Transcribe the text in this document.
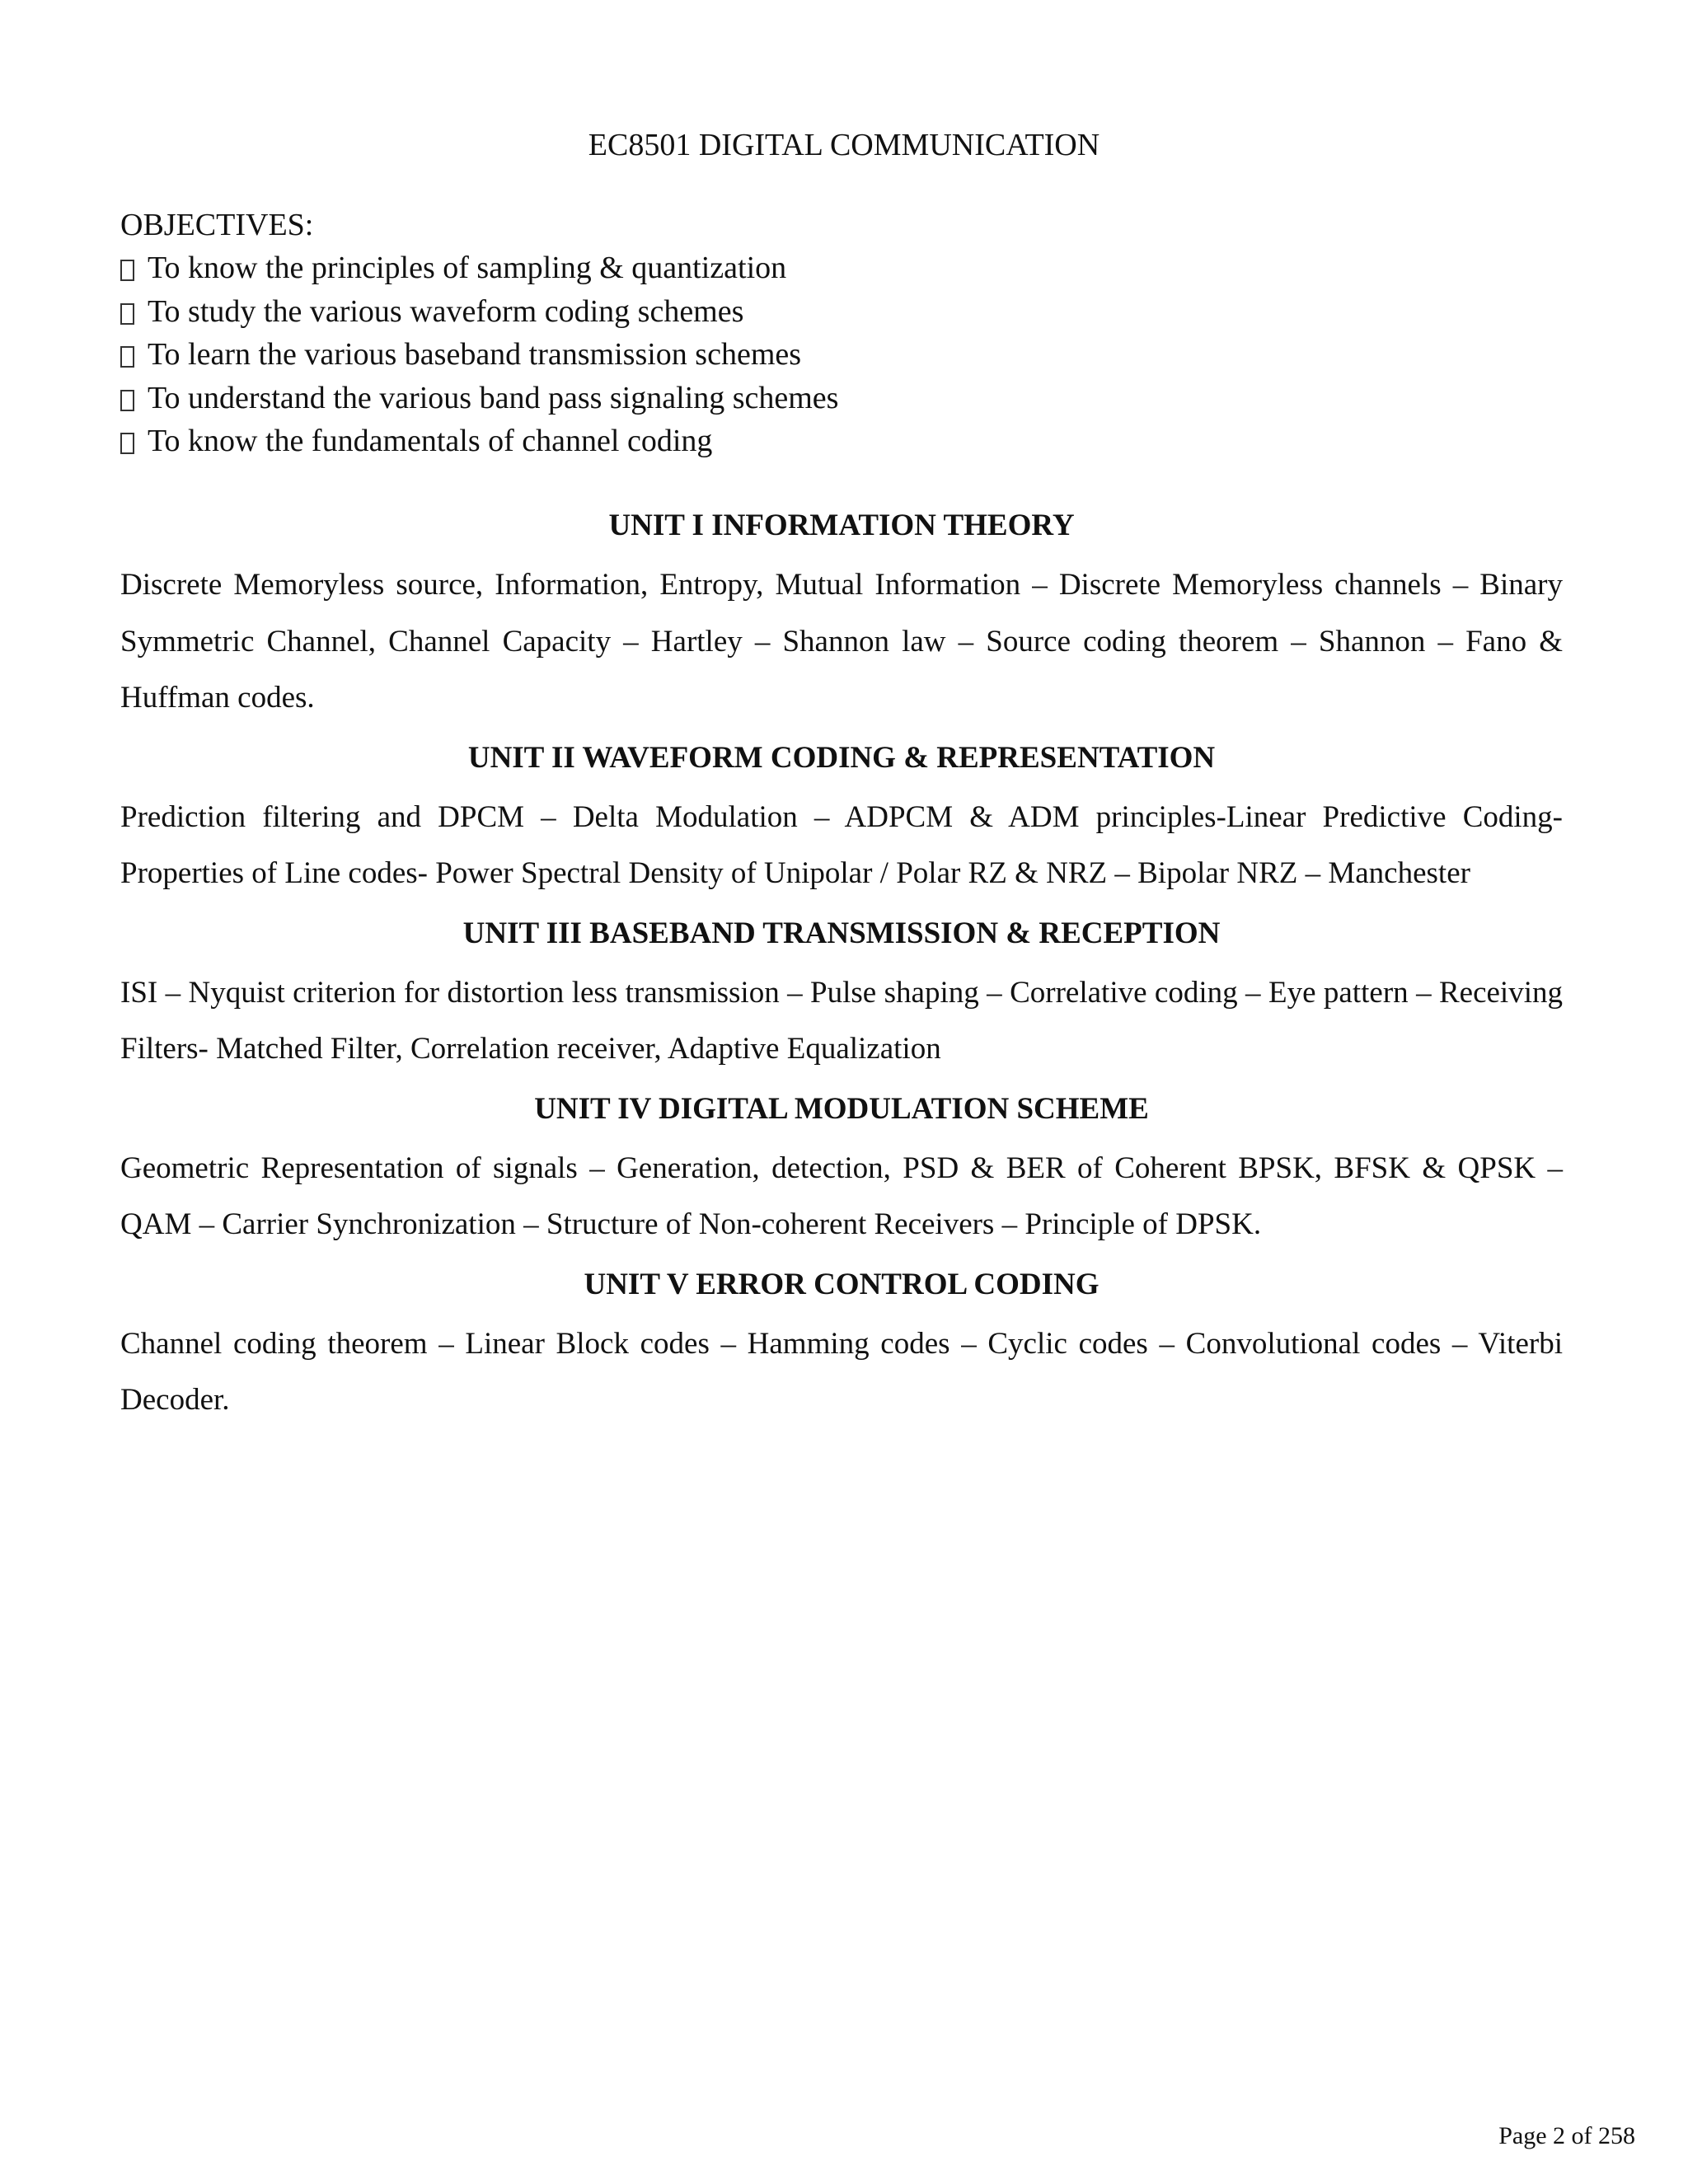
EC8501 DIGITAL COMMUNICATION
OBJECTIVES:
To know the principles of sampling & quantization
To study the various waveform coding schemes
To learn the various baseband transmission schemes
To understand the various band pass signaling schemes
To know the fundamentals of channel coding
UNIT I INFORMATION THEORY

Discrete Memoryless source, Information, Entropy, Mutual Information – Discrete Memoryless channels – Binary Symmetric Channel, Channel Capacity – Hartley – Shannon law – Source coding theorem – Shannon – Fano & Huffman codes.

UNIT II WAVEFORM CODING & REPRESENTATION

Prediction filtering and DPCM – Delta Modulation – ADPCM & ADM principles-Linear Predictive Coding-Properties of Line codes- Power Spectral Density of Unipolar / Polar RZ & NRZ – Bipolar NRZ – Manchester

UNIT III BASEBAND TRANSMISSION & RECEPTION

ISI – Nyquist criterion for distortion less transmission – Pulse shaping – Correlative coding – Eye pattern – Receiving Filters- Matched Filter, Correlation receiver, Adaptive Equalization

UNIT IV DIGITAL MODULATION SCHEME

Geometric Representation of signals – Generation, detection, PSD & BER of Coherent BPSK, BFSK & QPSK – QAM – Carrier Synchronization – Structure of Non-coherent Receivers – Principle of DPSK.

UNIT V ERROR CONTROL CODING

Channel coding theorem – Linear Block codes – Hamming codes – Cyclic codes – Convolutional codes – Viterbi Decoder.

Page 2 of 258
